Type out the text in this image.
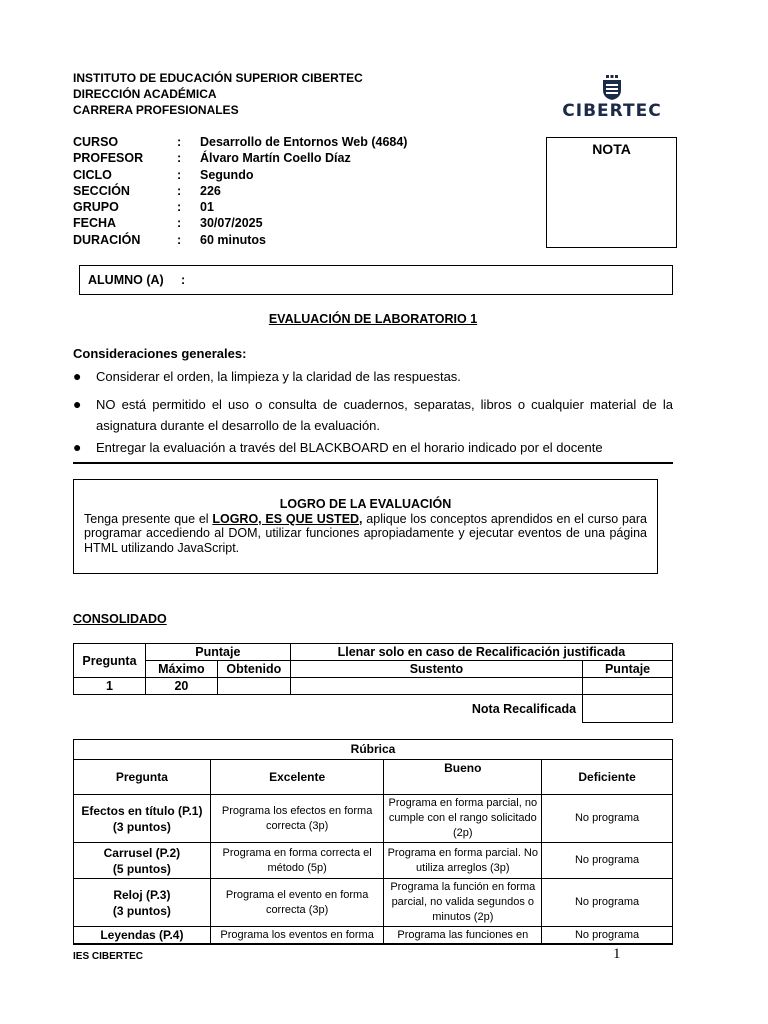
INSTITUTO DE EDUCACIÓN SUPERIOR CIBERTEC
DIRECCIÓN ACADÉMICA
CARRERA PROFESIONALES	CIBERTEC
CURSO	:	Desarrollo de Entornos Web (4684)
PROFESOR	:	Álvaro Martín Coello Díaz
CICLO	:	Segundo
SECCIÓN	:	226
GRUPO	:	01
FECHA	:	30/07/2025
DURACIÓN	:	60 minutos
NOTA
ALUMNO (A)     :
EVALUACIÓN DE LABORATORIO 1
Consideraciones generales:
●	Considerar el orden, la limpieza y la claridad de las respuestas.
●	NO está permitido el uso o consulta de cuadernos, separatas, libros o cualquier material de la asignatura durante el desarrollo de la evaluación.
●	Entregar la evaluación a través del BLACKBOARD en el horario indicado por el docente
LOGRO DE LA EVALUACIÓN
Tenga presente que el LOGRO, ES QUE USTED, aplique los conceptos aprendidos en el curso para programar accediendo al DOM, utilizar funciones apropiadamente y ejecutar eventos de una página HTML utilizando JavaScript.
CONSOLIDADO
Pregunta	Puntaje		Llenar solo en caso de Recalificación justificada	
	Máximo	Obtenido	Sustento	Puntaje
1	20			
Nota Recalificada				
Rúbrica			
Pregunta	Excelente	Bueno	Deficiente

Efectos en título (P.1)
(3 puntos)	Programa los efectos en forma correcta (3p)	Programa en forma parcial, no cumple con el rango solicitado (2p)	No programa

Carrusel (P.2)
(5 puntos)	Programa en forma correcta el método (5p)	Programa en forma parcial. No utiliza arreglos (3p)	No programa

Reloj (P.3)
(3 puntos)	Programa el evento en forma correcta (3p)	Programa la función en forma parcial, no valida segundos o minutos (2p)	No programa

Leyendas (P.4)	Programa los eventos en forma	Programa las funciones en	No programa
IES CIBERTEC	1
